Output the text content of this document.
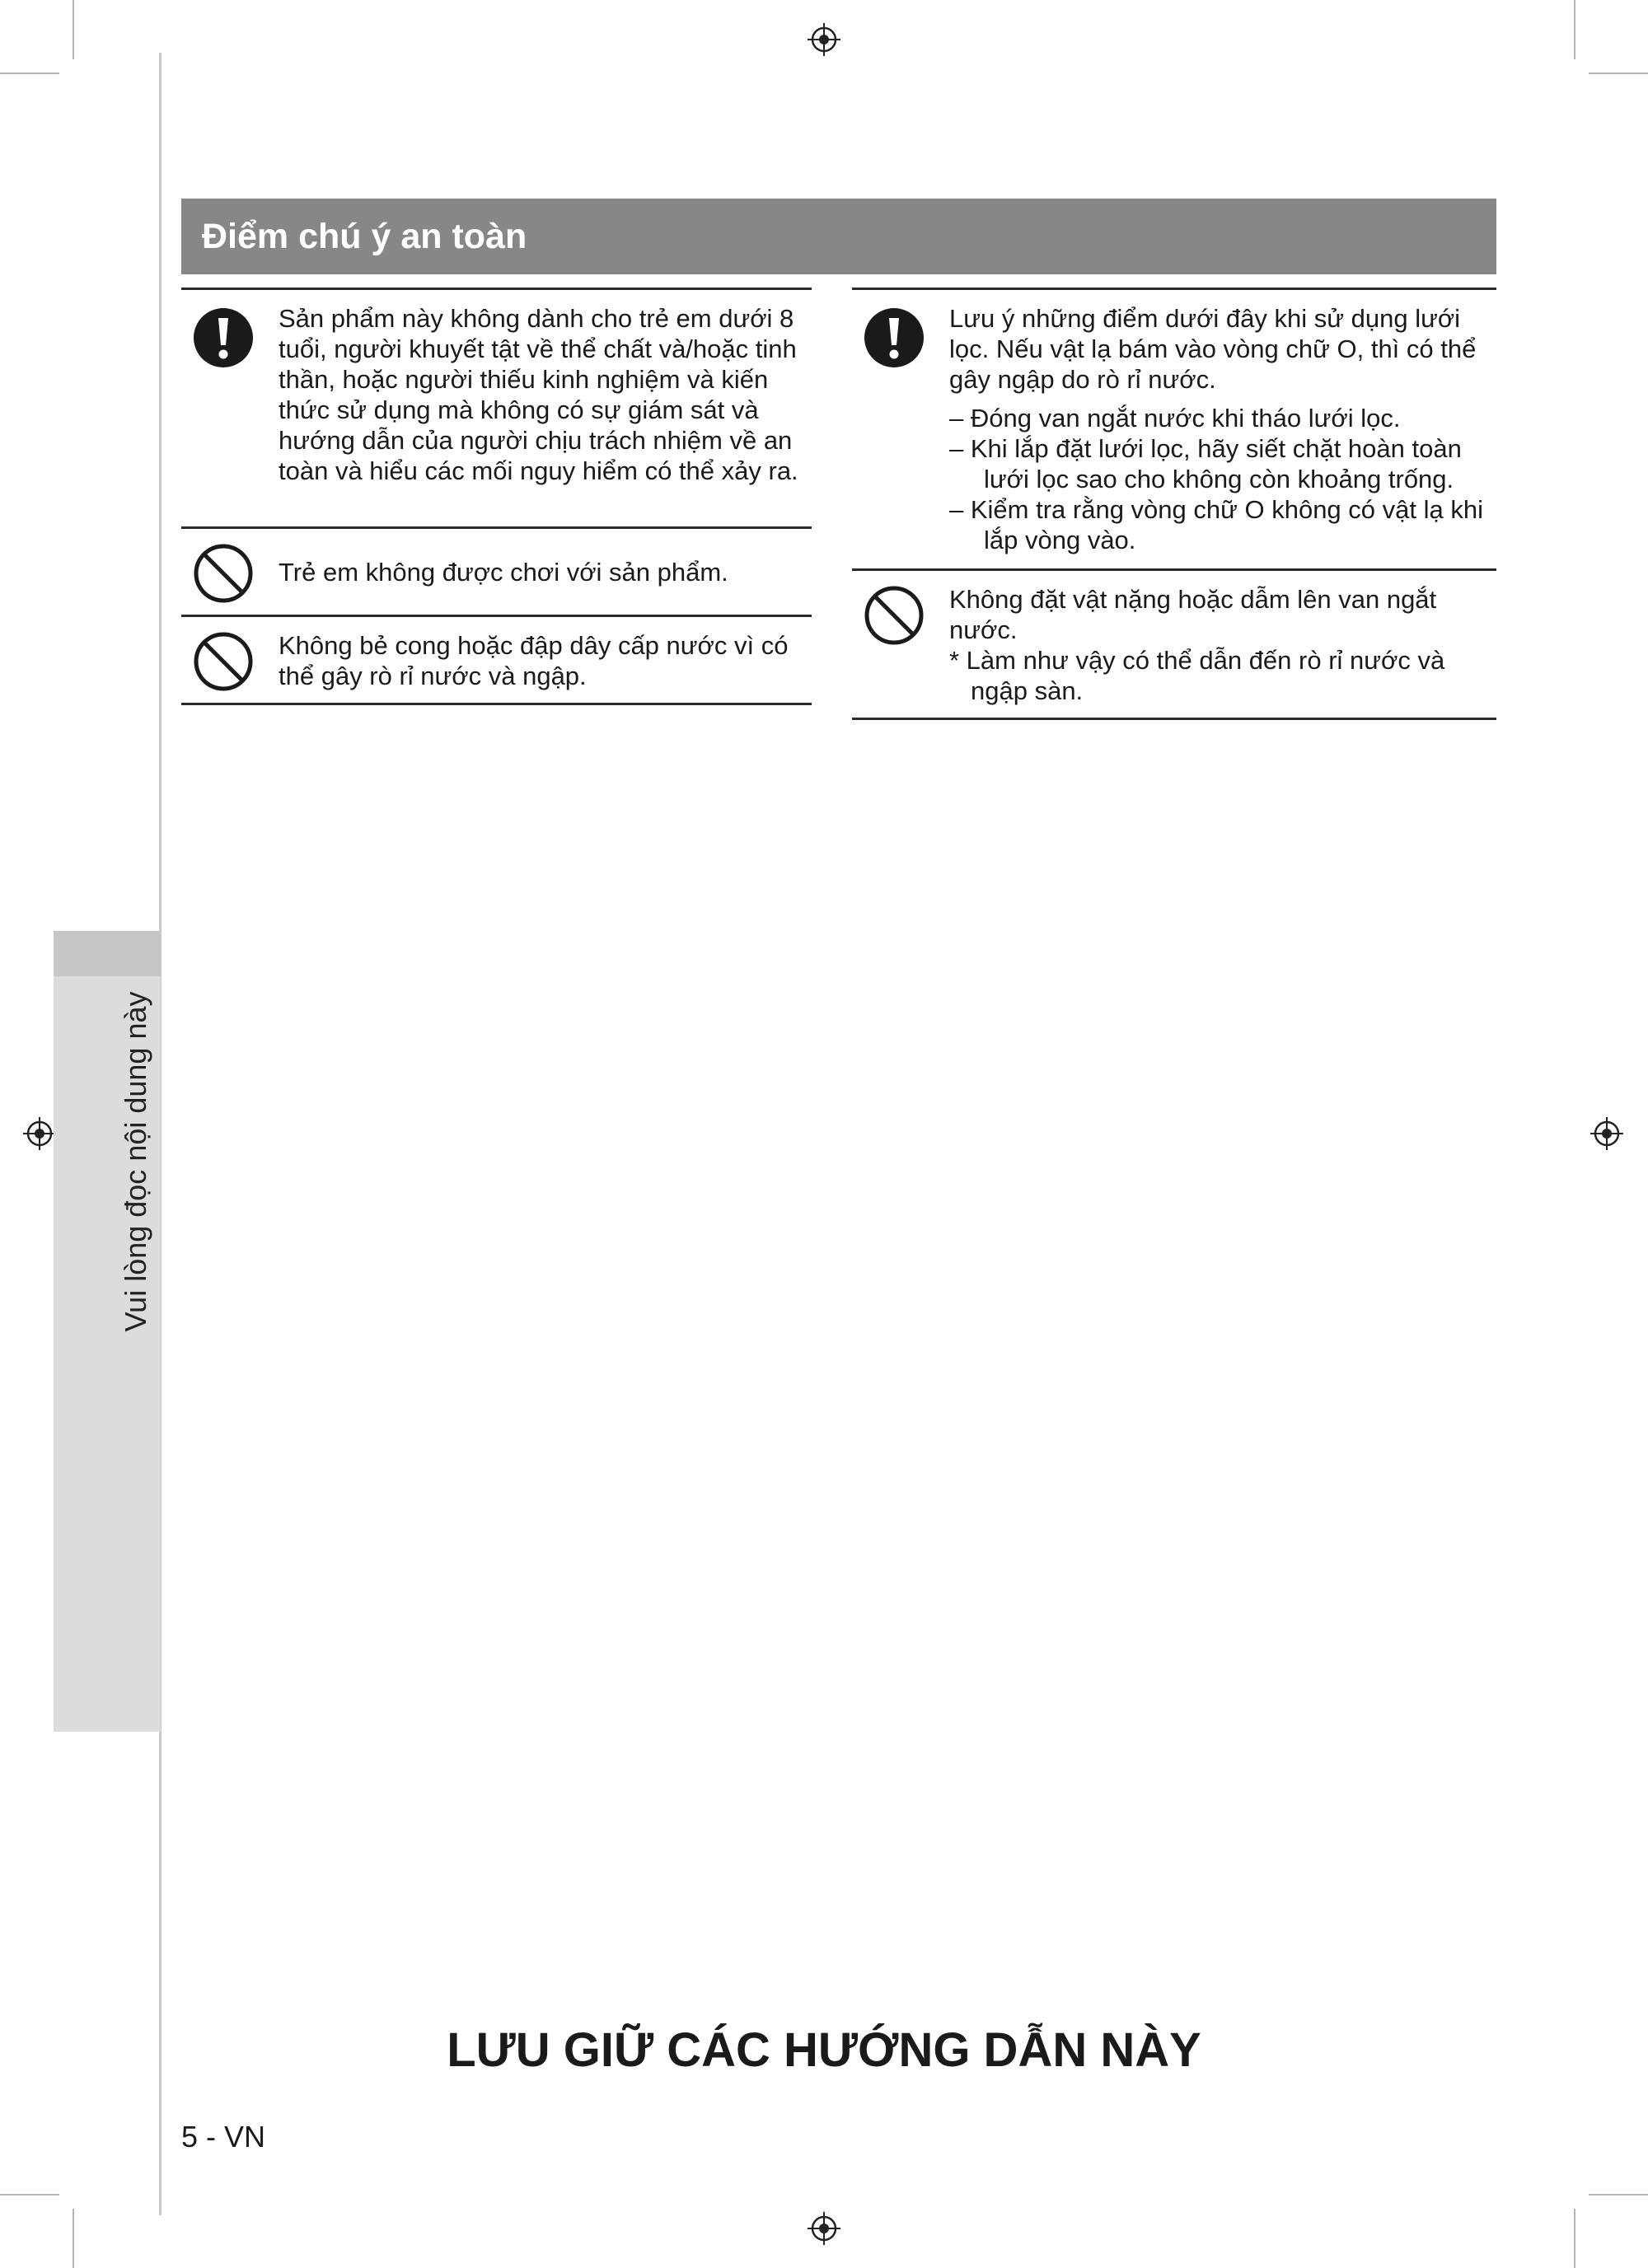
Vui lòng đọc nội dung này
Điểm chú ý an toàn

Sản phẩm này không dành cho trẻ em dưới 8 tuổi, người khuyết tật về thể chất và/hoặc tinh thần, hoặc người thiếu kinh nghiệm và kiến thức sử dụng mà không có sự giám sát và hướng dẫn của người chịu trách nhiệm về an toàn và hiểu các mối nguy hiểm có thể xảy ra.

Trẻ em không được chơi với sản phẩm.

Không bẻ cong hoặc đập dây cấp nước vì có thể gây rò rỉ nước và ngập.

Lưu ý những điểm dưới đây khi sử dụng lưới lọc. Nếu vật lạ bám vào vòng chữ O, thì có thể gây ngập do rò rỉ nước.

– Đóng van ngắt nước khi tháo lưới lọc.
– Khi lắp đặt lưới lọc, hãy siết chặt hoàn toàn lưới lọc sao cho không còn khoảng trống.
– Kiểm tra rằng vòng chữ O không có vật lạ khi lắp vòng vào.

Không đặt vật nặng hoặc dẫm lên van ngắt nước.

* Làm như vậy có thể dẫn đến rò rỉ nước và ngập sàn.

LƯU GIỮ CÁC HƯỚNG DẪN NÀY
5 - VN
